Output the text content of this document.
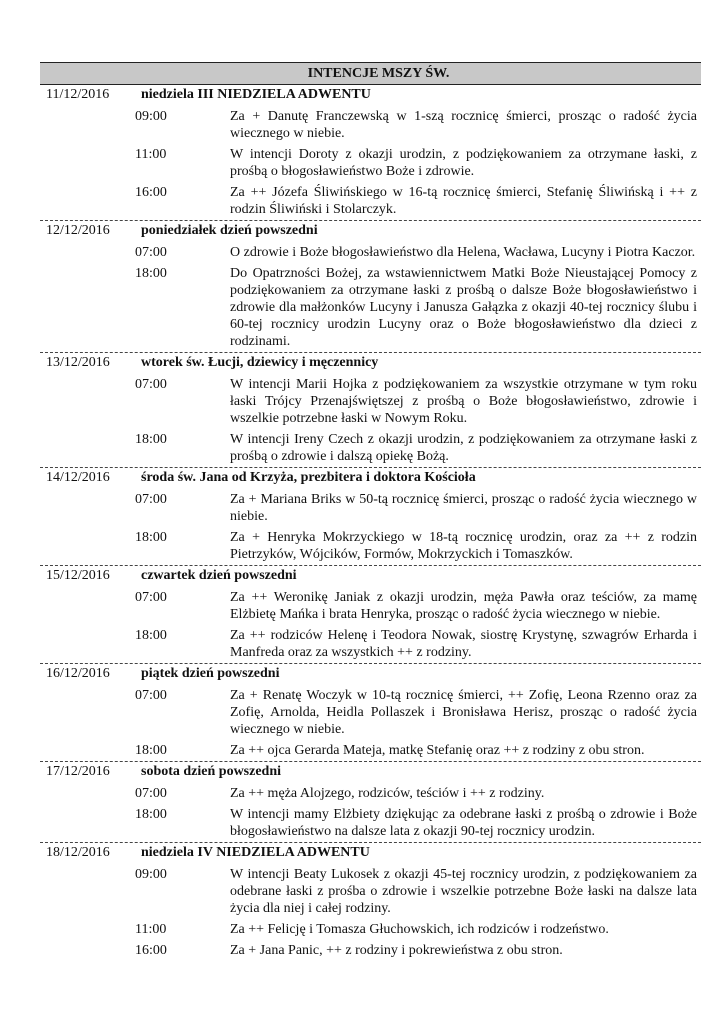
INTENCJE MSZY ŚW.
11/12/2016	niedziela III NIEDZIELA ADWENTU
09:00	Za + Danutę Franczewską w 1-szą rocznicę śmierci, prosząc o radość życia wiecznego w niebie.
11:00	W intencji Doroty z okazji urodzin, z podziękowaniem za otrzymane łaski, z prośbą o błogosławieństwo Boże i zdrowie.
16:00	Za ++ Józefa Śliwińskiego w 16-tą rocznicę śmierci, Stefanię Śliwińską i ++ z rodzin Śliwiński i Stolarczyk.
12/12/2016	poniedziałek dzień powszedni
07:00	O zdrowie i Boże błogosławieństwo dla Helena, Wacława, Lucyny i Piotra Kaczor.
18:00	Do Opatrzności Bożej, za wstawiennictwem Matki Boże Nieustającej Pomocy z podziękowaniem za otrzymane łaski z prośbą o dalsze Boże błogosławieństwo i zdrowie dla małżonków Lucyny i Janusza Gałązka z okazji 40-tej rocznicy ślubu i 60-tej rocznicy urodzin Lucyny oraz o Boże błogosławieństwo dla dzieci z rodzinami.
13/12/2016	wtorek św. Łucji, dziewicy i męczennicy
07:00	W intencji Marii Hojka z podziękowaniem za wszystkie otrzymane w tym roku łaski Trójcy Przenajświętszej z prośbą o Boże błogosławieństwo, zdrowie i wszelkie potrzebne łaski w Nowym Roku.
18:00	W intencji Ireny Czech z okazji urodzin, z podziękowaniem za otrzymane łaski z prośbą o zdrowie i dalszą opiekę Bożą.
14/12/2016	środa św. Jana od Krzyża, prezbitera i doktora Kościoła
07:00	Za + Mariana Briks w 50-tą rocznicę śmierci, prosząc o radość życia wiecznego w niebie.
18:00	Za + Henryka Mokrzyckiego w 18-tą rocznicę urodzin, oraz za ++ z rodzin Pietrzyków, Wójcików, Formów, Mokrzyckich i Tomaszków.
15/12/2016	czwartek dzień powszedni
07:00	Za ++ Weronikę Janiak z okazji urodzin, męża Pawła oraz teściów, za mamę Elżbietę Mańka i brata Henryka, prosząc o radość życia wiecznego w niebie.
18:00	Za ++ rodziców Helenę i Teodora Nowak, siostrę Krystynę, szwagrów Erharda i Manfreda oraz za wszystkich ++ z rodziny.
16/12/2016	piątek dzień powszedni
07:00	Za + Renatę Woczyk w 10-tą rocznicę śmierci, ++ Zofię, Leona Rzenno oraz za Zofię, Arnolda, Heidla Pollaszek i Bronisława Herisz, prosząc o radość życia wiecznego w niebie.
18:00	Za ++ ojca Gerarda Mateja, matkę Stefanię oraz ++ z rodziny z obu stron.
17/12/2016	sobota dzień powszedni
07:00	Za ++ męża Alojzego, rodziców, teściów i ++ z rodziny.
18:00	W intencji mamy Elżbiety dziękując za odebrane łaski z prośbą o zdrowie i Boże błogosławieństwo na dalsze lata z okazji 90-tej rocznicy urodzin.
18/12/2016	niedziela IV NIEDZIELA ADWENTU
09:00	W intencji Beaty Lukosek z okazji 45-tej rocznicy urodzin, z podziękowaniem za odebrane łaski z prośba o zdrowie i wszelkie potrzebne Boże łaski na dalsze lata życia dla niej i całej rodziny.
11:00	Za ++ Felicję i Tomasza Głuchowskich, ich rodziców i rodzeństwo.
16:00	Za + Jana Panic, ++ z rodziny i pokrewieństwa z obu stron.
